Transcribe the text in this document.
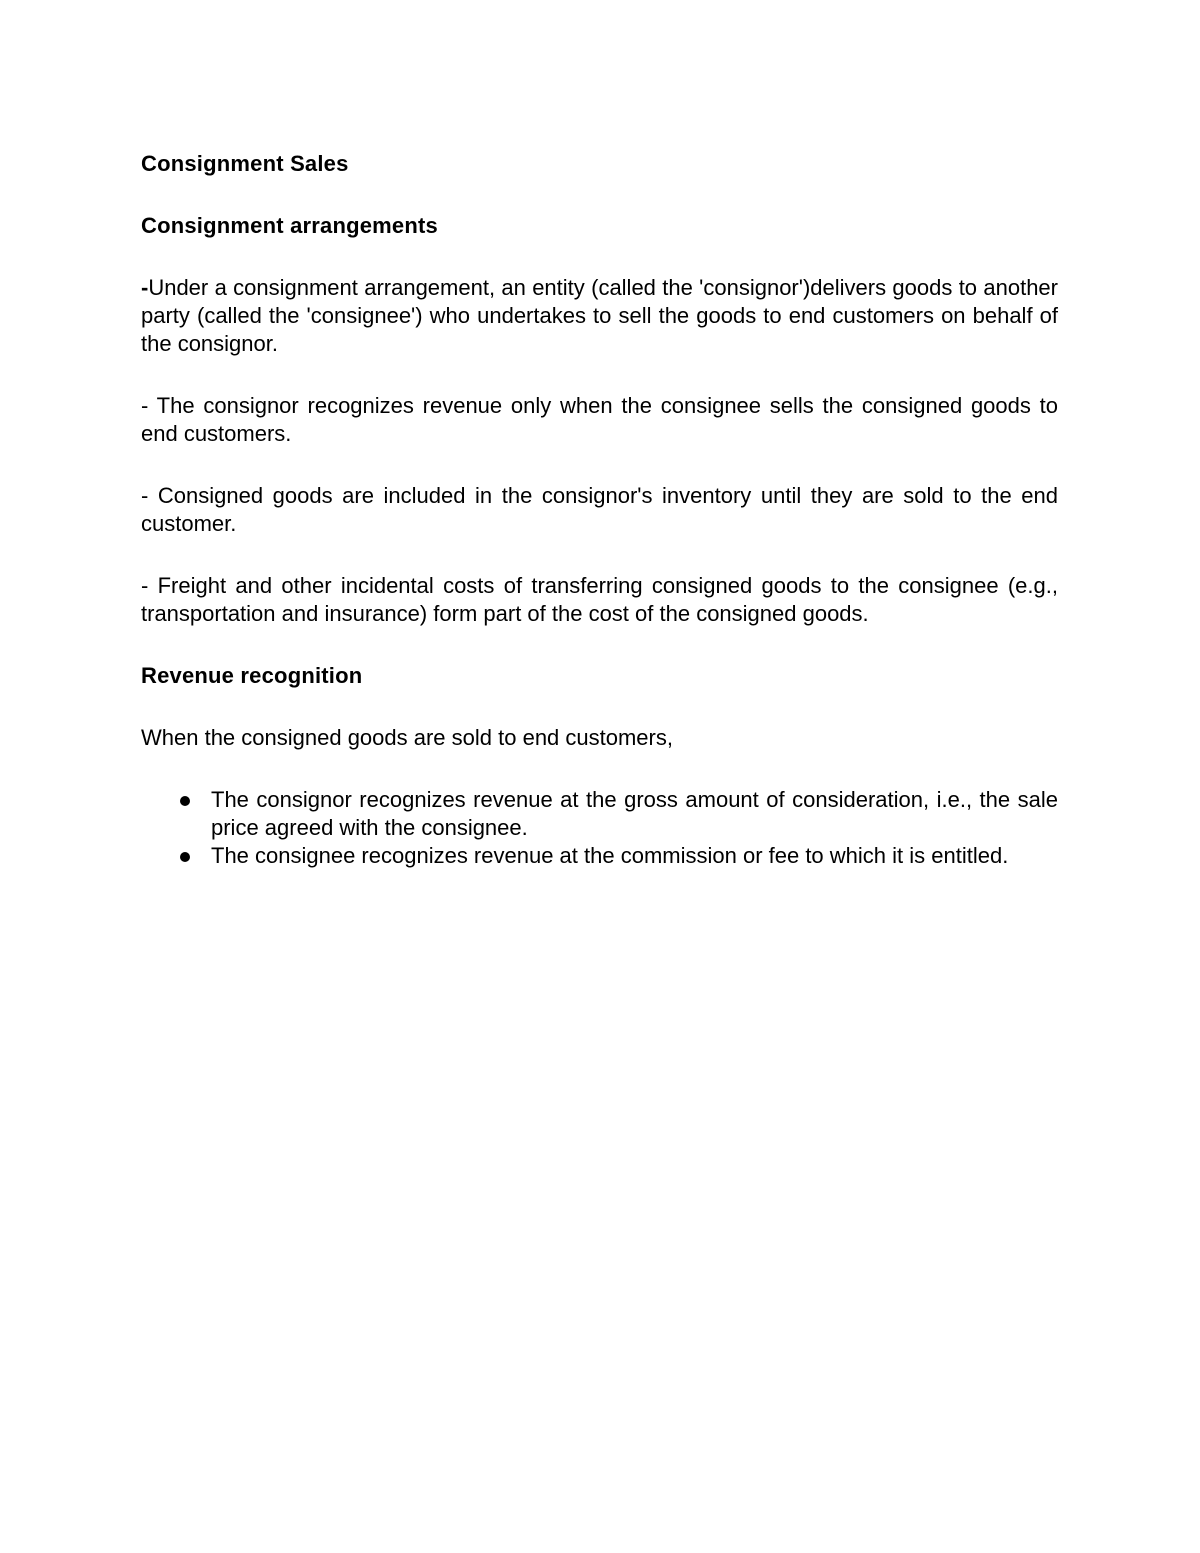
Consignment Sales

Consignment arrangements

-Under a consignment arrangement, an entity (called the 'consignor')delivers goods to another party (called the 'consignee') who undertakes to sell the goods to end customers on behalf of the consignor.

- The consignor recognizes revenue only when the consignee sells the consigned goods to end customers.

- Consigned goods are included in the consignor's inventory until they are sold to the end customer.

- Freight and other incidental costs of transferring consigned goods to the consignee (e.g., transportation and insurance) form part of the cost of the consigned goods.

Revenue recognition

When the consigned goods are sold to end customers,

The consignor recognizes revenue at the gross amount of consideration, i.e., the sale price agreed with the consignee.
The consignee recognizes revenue at the commission or fee to which it is entitled.
